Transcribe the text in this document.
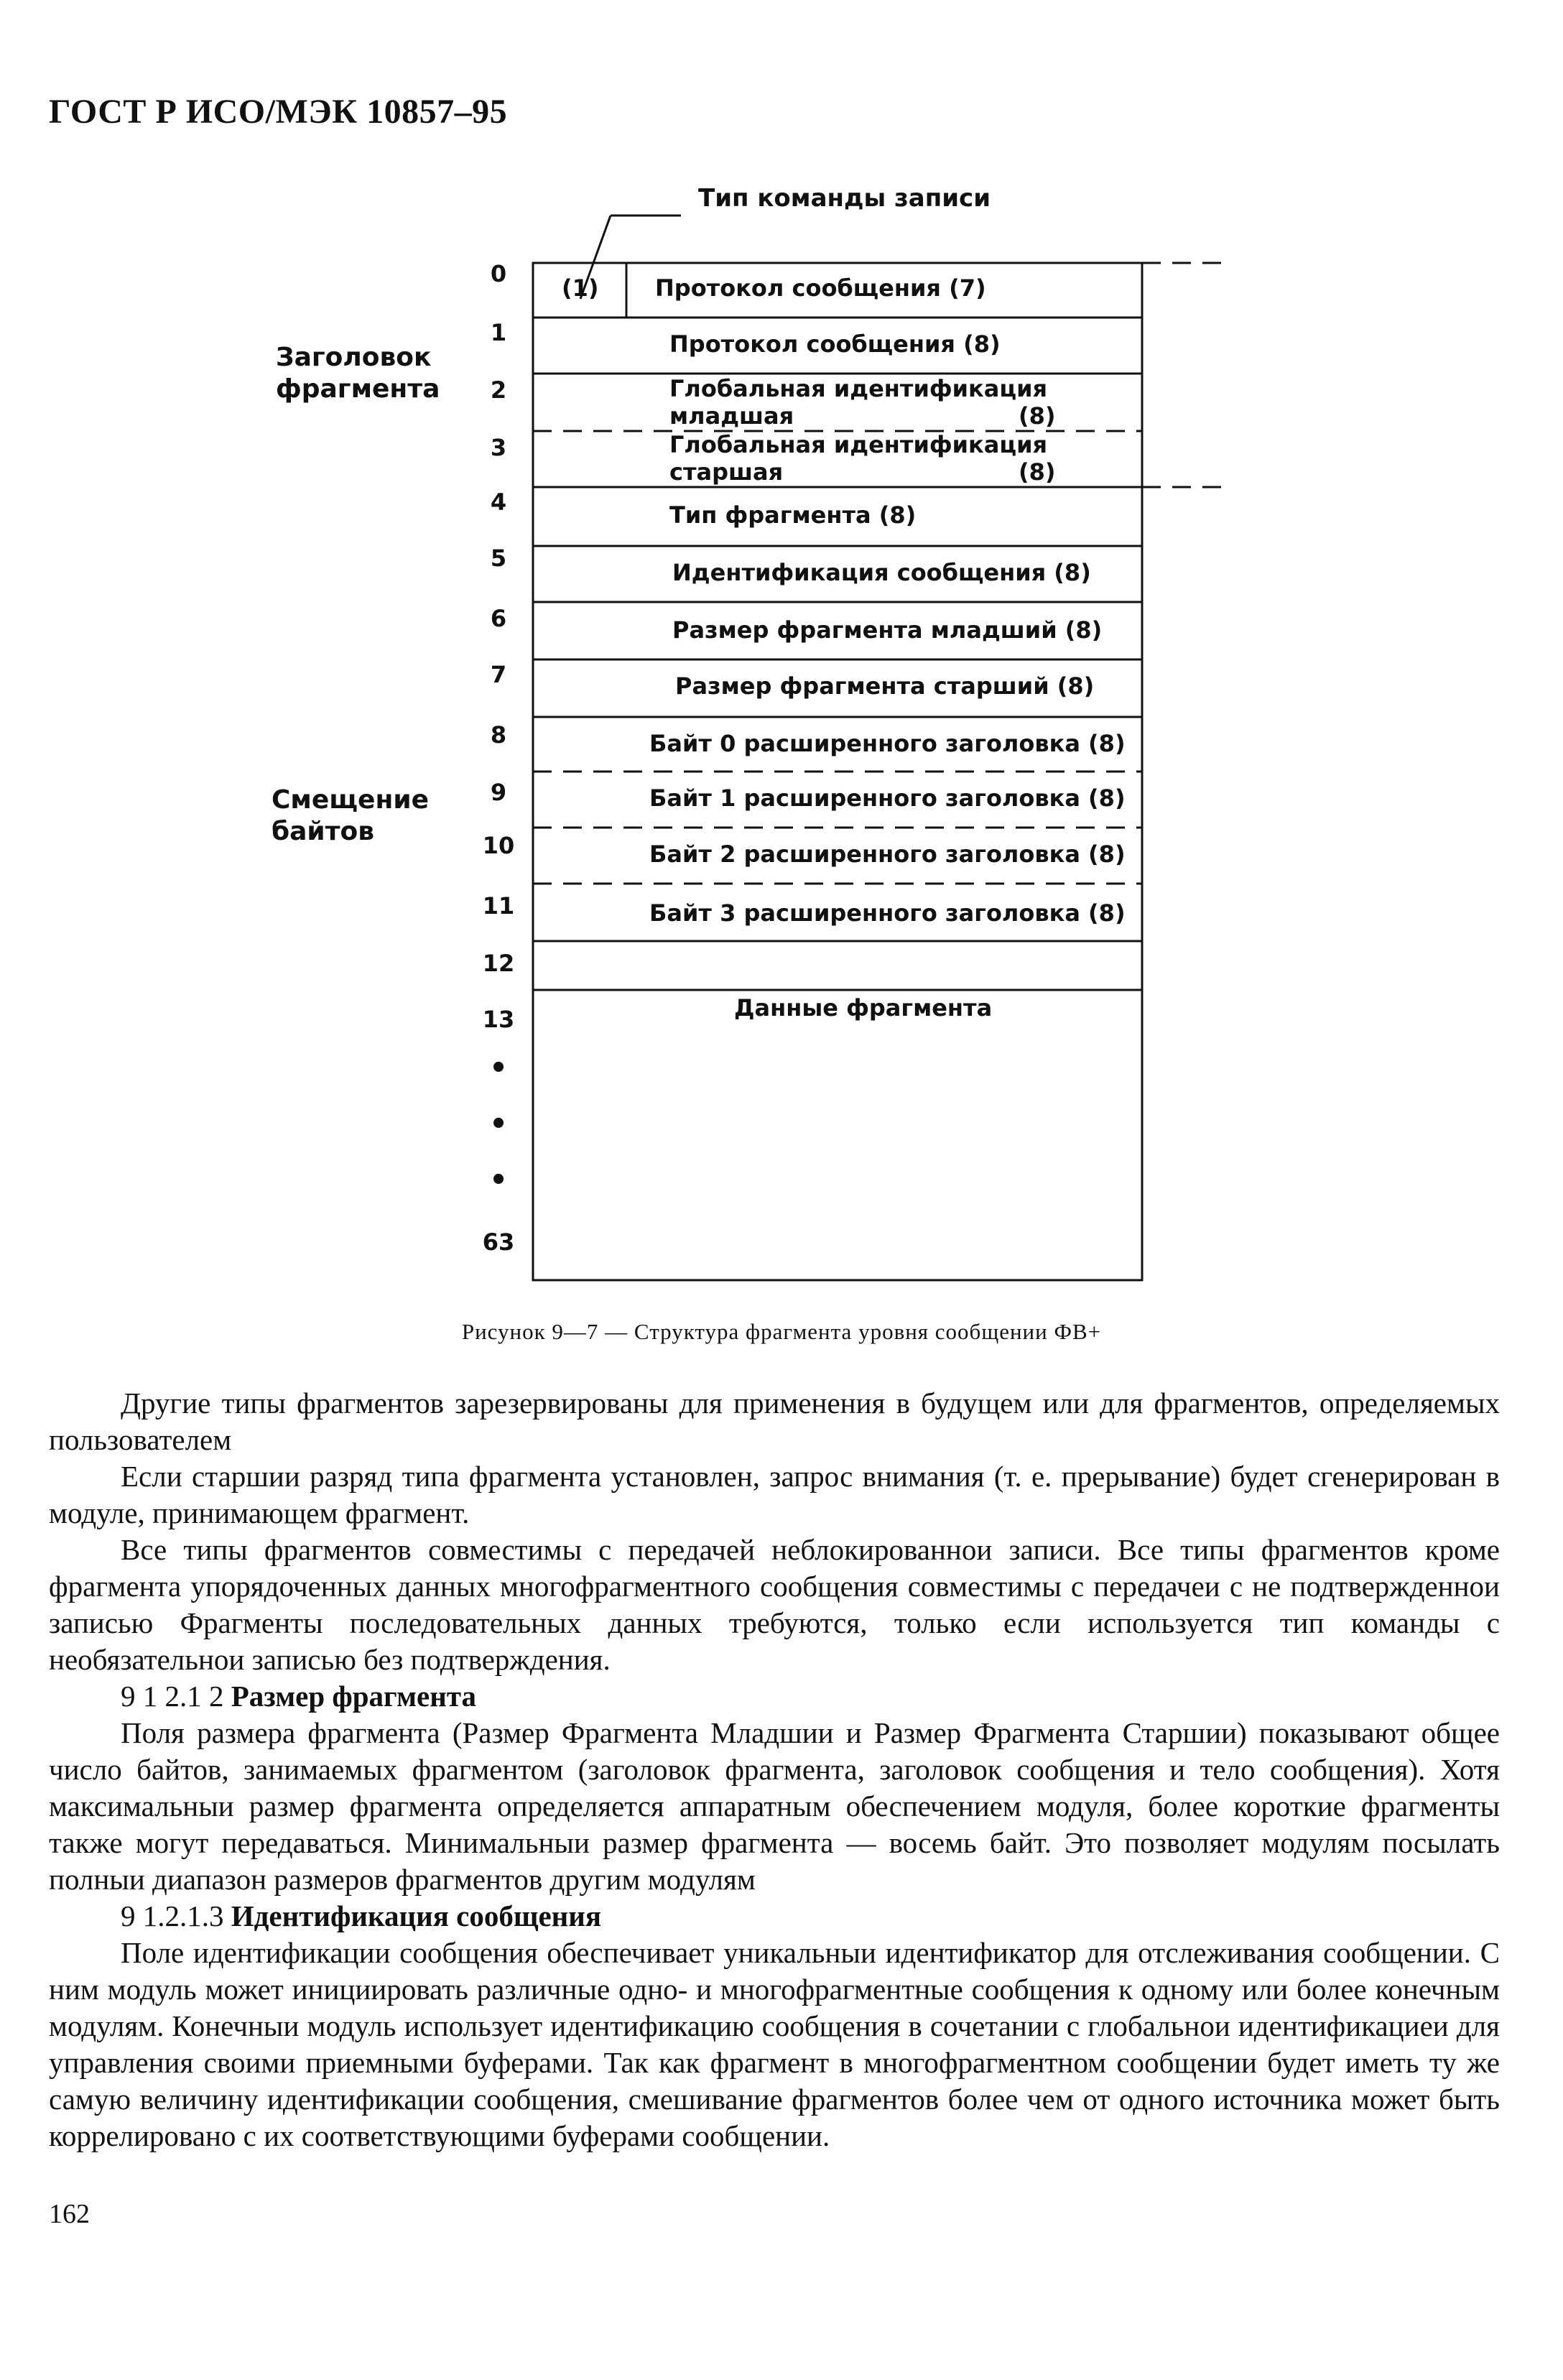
ГОСТ Р ИСО/МЭК 10857–95
Тип команды записи
Заголовок
фрагмента
Смещение
байтов
0
1
2
3
4
5
6
7
8
9
10
11
12
13
•
•
•
63
(1) Протокол сообщения (7)
Протокол сообщения (8)
Глобальная идентификация
младшая	(8)
Глобальная идентификация
старшая	(8)
Тип фрагмента (8)
Идентификация сообщения (8)
Размер фрагмента младший (8)
Размер фрагмента старший (8)
Байт 0 расширенного заголовка (8)
Байт 1 расширенного заголовка (8)
Байт 2 расширенного заголовка (8)
Байт 3 расширенного заголовка (8)
Данные фрагмента
Рисунок 9—7 — Структура фрагмента уровня сообщении ФВ+

Другие типы фрагментов зарезервированы для применения в будущем или для фрагментов, определяемых пользователем

Если старшии разряд типа фрагмента установлен, запрос внимания (т. е. прерывание) будет сгенерирован в модуле, принимающем фрагмент.

Все типы фрагментов совместимы с передачей неблокированнои записи. Все типы фрагментов кроме фрагмента упорядоченных данных многофрагментного сообщения совместимы с передачеи с не подтвержденнои записью Фрагменты последовательных данных требуются, только если используется тип команды с необязательнои записью без подтверждения.

9 1 2.1 2 Размер фрагмента

Поля размера фрагмента (Размер Фрагмента Младшии и Размер Фрагмента Старшии) показывают общее число байтов, занимаемых фрагментом (заголовок фрагмента, заголовок сообщения и тело сообщения). Хотя максимальныи размер фрагмента определяется аппаратным обеспечением модуля, более короткие фрагменты также могут передаваться. Минимальныи размер фрагмента — восемь байт. Это позволяет модулям посылать полныи диапазон размеров фрагментов другим модулям

9 1.2.1.3 Идентификация сообщения

Поле идентификации сообщения обеспечивает уникальныи идентификатор для отслеживания сообщении. С ним модуль может инициировать различные одно- и многофрагментные сообщения к одному или более конечным модулям. Конечныи модуль использует идентификацию сообщения в сочетании с глобальнои идентификациеи для управления своими приемными буферами. Так как фрагмент в многофрагментном сообщении будет иметь ту же самую величину идентификации сообщения, смешивание фрагментов более чем от одного источника может быть коррелировано с их соответствующими буферами сообщении.

162
